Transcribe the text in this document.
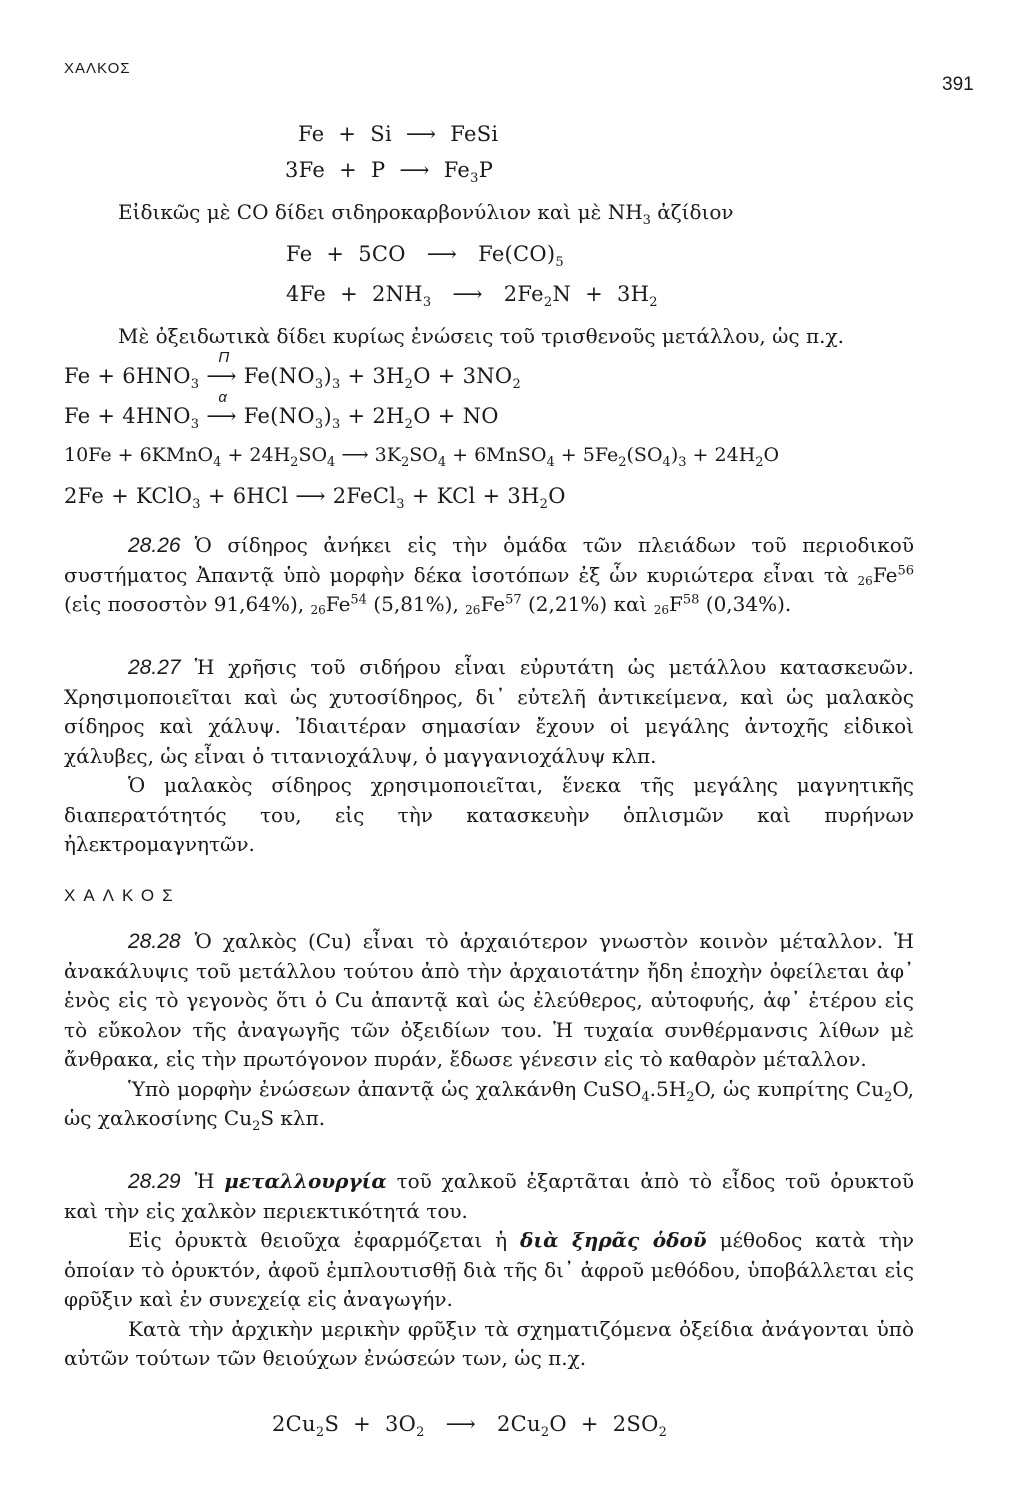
ΧΑΛΚΟΣ
391
Fe + Si ⟶ FeSi
3Fe + P ⟶ $Fe_3P$
Εἰδικῶς μὲ CO δίδει σιδηροκαρβονύλιον καὶ μὲ $NH_3$ ἀζίδιον
Fe + 5CO ⟶ $Fe(CO)_5$
$4Fe + 2NH_3$ ⟶ $2Fe_2N + 3H_2$
Μὲ ὀξειδωτικὰ δίδει κυρίως ἐνώσεις τοῦ τρισθενοῦς μετάλλου, ὡς π.χ.
$Fe + 6HNO_3$
Π
⟶ $Fe(NO_3)_3 + 3H_2O + 3NO_2$
$Fe + 4HNO_3$
α
⟶ $Fe(NO_3)_3 + 2H_2O$ + NO
10Fe + 6KMnO$_4$ + $24H_2SO_4$ ⟶ $3K_2SO_4$ + 6MnSO$_4$ + $5Fe_2(SO_4)_3 + 24H_2O$
2Fe + KClO$_3$ + 6HCl ⟶ 2FeCl$_3$ + KCl + $3H_2O$

28.26 Ὁ σίδηρος ἀνήκει εἰς τὴν ὁμάδα τῶν πλειάδων τοῦ περιοδικοῦ συστήματος Ἀπαντᾷ ὑπὸ μορφὴν δέκα ἰσοτόπων ἐξ ὧν κυριώτερα εἶναι τὰ $_{26}Fe^{56}$ (εἰς ποσοστὸν 91,64%), $_{26}Fe^{54}$ (5,81%), $_{26}Fe^{57}$ (2,21%) καὶ $_{26}F^{58}$ (0,34%).

28.27 Ἡ χρῆσις τοῦ σιδήρου εἶναι εὐρυτάτη ὡς μετάλλου κατασκευῶν. Χρησιμοποιεῖται καὶ ὡς χυτοσίδηρος, δι᾽ εὐτελῆ ἀντικείμενα, καὶ ὡς μαλακὸς σίδηρος καὶ χάλυψ. Ἰδιαιτέραν σημασίαν ἔχουν οἱ μεγάλης ἀντοχῆς εἰδικοὶ χάλυβες, ὡς εἶναι ὁ τιτανιοχάλυψ, ὁ μαγγανιοχάλυψ κλπ.

Ὁ μαλακὸς σίδηρος χρησιμοποιεῖται, ἕνεκα τῆς μεγάλης μαγνητικῆς διαπερατότητός του, εἰς τὴν κατασκευὴν ὁπλισμῶν καὶ πυρήνων ἠλεκτρομαγνητῶν.

ΧΑΛΚΟΣ

28.28 Ὁ χαλκὸς (Cu) εἶναι τὸ ἀρχαιότερον γνωστὸν κοινὸν μέταλλον. Ἡ ἀνακάλυψις τοῦ μετάλλου τούτου ἀπὸ τὴν ἀρχαιοτάτην ἤδη ἐποχὴν ὀφείλεται ἀφ᾽ ἑνὸς εἰς τὸ γεγονὸς ὅτι ὁ Cu ἀπαντᾷ καὶ ὡς ἐλεύθερος, αὐτοφυής, ἀφ᾽ ἑτέρου εἰς τὸ εὔκολον τῆς ἀναγωγῆς τῶν ὀξειδίων του. Ἡ τυχαία συνθέρμανσις λίθων μὲ ἄνθρακα, εἰς τὴν πρωτόγονον πυράν, ἔδωσε γένεσιν εἰς τὸ καθαρὸν μέταλλον.

Ὑπὸ μορφὴν ἐνώσεων ἀπαντᾷ ὡς χαλκάνθη $CuSO_4.5H_2O$, ὡς κυπρίτης $Cu_2O$, ὡς χαλκοσίνης $Cu_2S$ κλπ.

28.29 Ἡ μεταλλουργία τοῦ χαλκοῦ ἐξαρτᾶται ἀπὸ τὸ εἶδος τοῦ ὀρυκτοῦ καὶ τὴν εἰς χαλκὸν περιεκτικότητά του.

Εἰς ὀρυκτὰ θειοῦχα ἐφαρμόζεται ἡ διὰ ξηρᾶς ὁδοῦ μέθοδος κατὰ τὴν ὁποίαν τὸ ὀρυκτόν, ἀφοῦ ἐμπλουτισθῇ διὰ τῆς δι᾽ ἀφροῦ μεθόδου, ὑποβάλλεται εἰς φρῦξιν καὶ ἐν συνεχείᾳ εἰς ἀναγωγήν.

Κατὰ τὴν ἀρχικὴν μερικὴν φρῦξιν τὰ σχηματιζόμενα ὀξείδια ἀνάγονται ὑπὸ αὐτῶν τούτων τῶν θειούχων ἐνώσεών των, ὡς π.χ.

$2Cu_2S + 3O_2$ ⟶ $2Cu_2O + 2SO_2$
